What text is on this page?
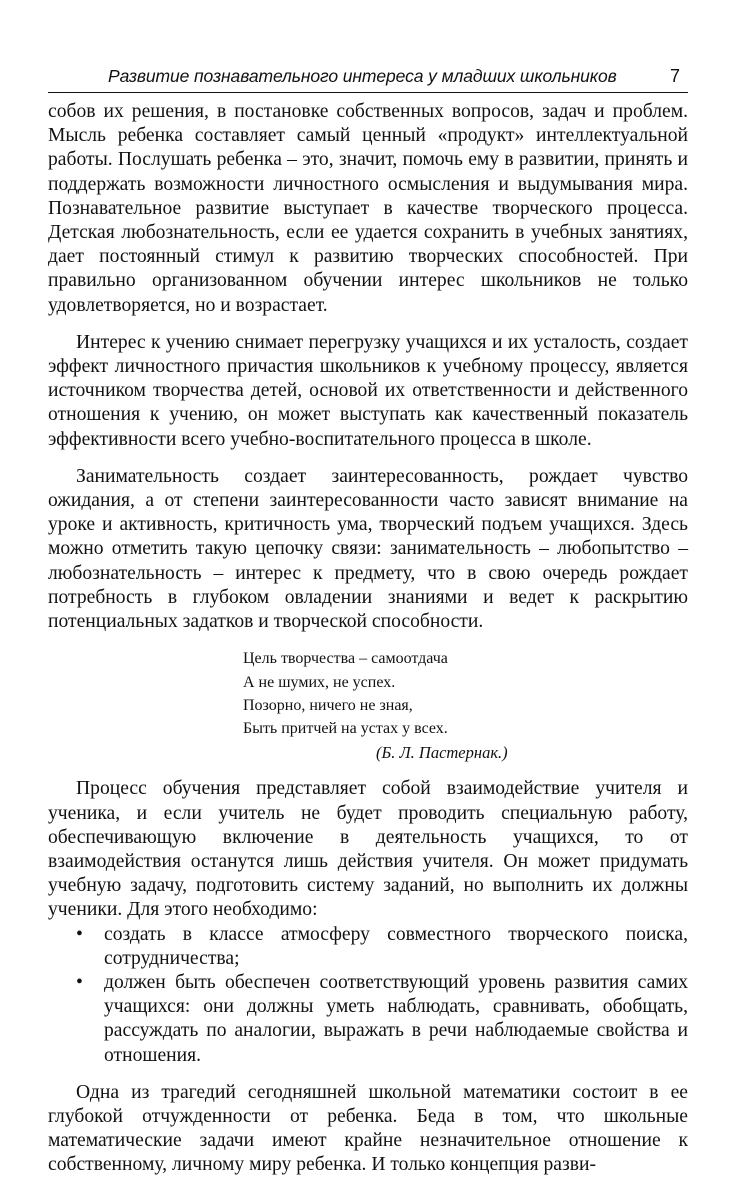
Развитие познавательного интереса у младших школьников	7

собов их решения, в постановке собственных вопросов, задач и проблем. Мысль ребенка составляет самый ценный «продукт» интеллектуальной работы. Послушать ребенка – это, значит, помочь ему в развитии, принять и поддержать возможности личностного осмысления и выдумывания мира. Познавательное развитие выступает в качестве творческого процесса. Детская любознательность, если ее удается сохранить в учебных занятиях, дает постоянный стимул к развитию творческих способностей. При правильно организованном обучении интерес школьников не только удовлетворяется, но и возрастает.

Интерес к учению снимает перегрузку учащихся и их усталость, создает эффект личностного причастия школьников к учебному процессу, является источником творчества детей, основой их ответственности и действенного отношения к учению, он может выступать как качественный показатель эффективности всего учебно-воспитательного процесса в школе.

Занимательность создает заинтересованность, рождает чувство ожидания, а от степени заинтересованности часто зависят внимание на уроке и активность, критичность ума, творческий подъем учащихся. Здесь можно отметить такую цепочку связи: занимательность – любопытство – любознательность – интерес к предмету, что в свою очередь рождает потребность в глубоком овладении знаниями и ведет к раскрытию потенциальных задатков и творческой способности.

Цель творчества – самоотдача
А не шумих, не успех.
Позорно, ничего не зная,
Быть притчей на устах у всех.
(Б. Л. Пастернак.)

Процесс обучения представляет собой взаимодействие учителя и ученика, и если учитель не будет проводить специальную работу, обеспечивающую включение в деятельность учащихся, то от взаимодействия останутся лишь действия учителя. Он может придумать учебную задачу, подготовить систему заданий, но выполнить их должны ученики. Для этого необходимо:

• создать в классе атмосферу совместного творческого поиска, сотрудничества;
• должен быть обеспечен соответствующий уровень развития самих учащихся: они должны уметь наблюдать, сравнивать, обобщать, рассуждать по аналогии, выражать в речи наблюдаемые свойства и отношения.

Одна из трагедий сегодняшней школьной математики состоит в ее глубокой отчужденности от ребенка. Беда в том, что школьные математические задачи имеют крайне незначительное отношение к собственному, личному миру ребенка. И только концепция разви-
